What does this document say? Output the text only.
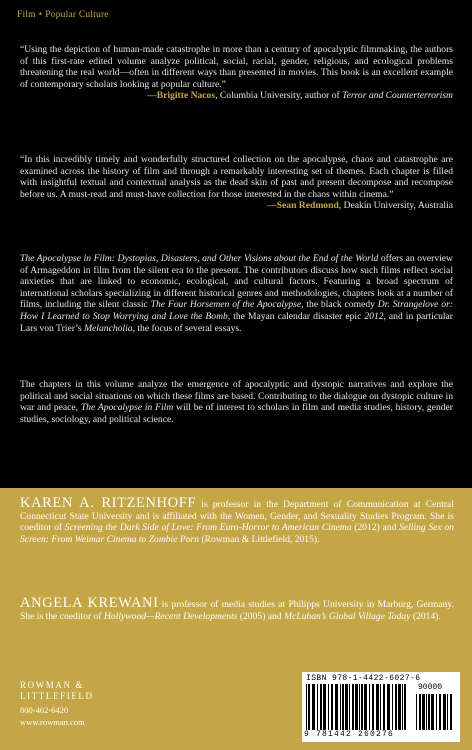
Film • Popular Culture

“Using the depiction of human-made catastrophe in more than a century of apocalyptic filmmaking, the authors of this first-rate edited volume analyze political, social, racial, gender, religious, and ecological problems threatening the real world—often in different ways than presented in movies. This book is an excellent example of contemporary scholars looking at popular culture.”

—Brigitte Nacos, Columbia University, author of Terror and Counterterrorism

“In this incredibly timely and wonderfully structured collection on the apocalypse, chaos and catastrophe are examined across the history of film and through a remarkably interesting set of themes. Each chapter is filled with insightful textual and contextual analysis as the dead skin of past and present decompose and recompose before us. A must-read and must-have collection for those interested in the chaos within cinema.”

—Sean Redmond, Deakin University, Australia

The Apocalypse in Film: Dystopias, Disasters, and Other Visions about the End of the World offers an overview of Armageddon in film from the silent era to the present. The contributors discuss how such films reflect social anxieties that are linked to economic, ecological, and cultural factors. Featuring a broad spectrum of international scholars specializing in different historical genres and methodologies, chapters look at a number of films, including the silent classic The Four Horsemen of the Apocalypse, the black comedy Dr. Strangelove or: How I Learned to Stop Worrying and Love the Bomb, the Mayan calendar disaster epic 2012, and in particular Lars von Trier’s Melancholia, the focus of several essays.

The chapters in this volume analyze the emergence of apocalyptic and dystopic narratives and explore the political and social situations on which these films are based. Contributing to the dialogue on dystopic culture in war and peace, The Apocalypse in Film will be of interest to scholars in film and media studies, history, gender studies, sociology, and political science.

KAREN A. RITZENHOFF is professor in the Department of Communication at Central Connecticut State University and is affiliated with the Women, Gender, and Sexuality Studies Program. She is coeditor of Screening the Dark Side of Love: From Euro-Horror to American Cinema (2012) and Selling Sex on Screen: From Weimar Cinema to Zombie Porn (Rowman & Littlefield, 2015).
ANGELA KREWANI is professor of media studies at Philipps University in Marburg, Germany. She is the coeditor of Hollywood—Recent Developments (2005) and McLuhan’s Global Village Today (2014).
ROWMAN &
LITTLEFIELD
800-462-6420
www.rowman.com
ISBN 978-1-4422-6027-6
90000
9 781442 260276
